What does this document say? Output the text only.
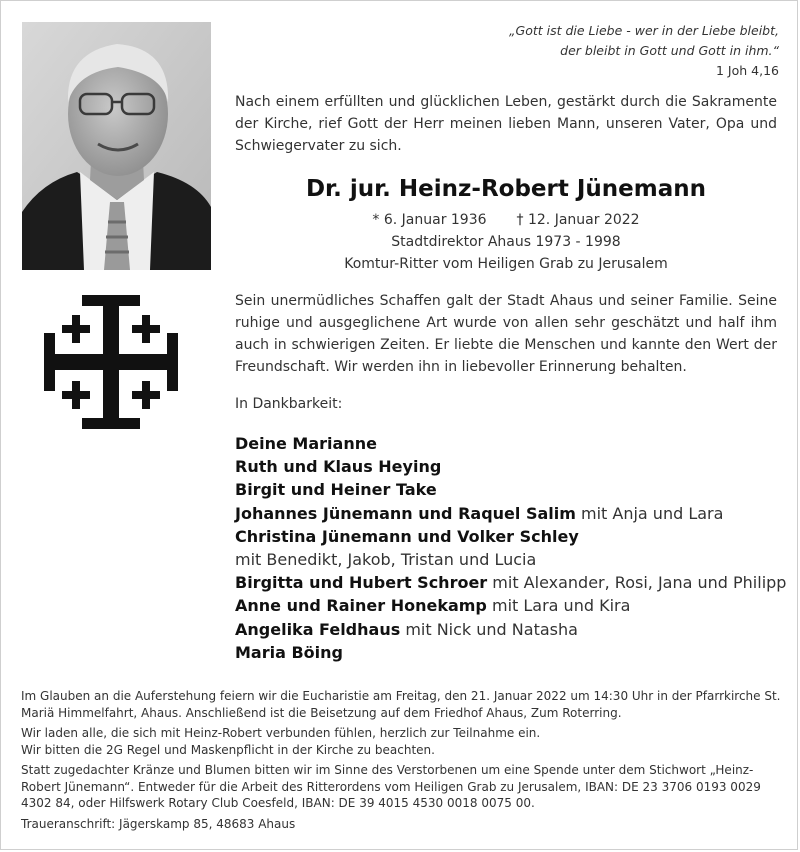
„Gott ist die Liebe - wer in der Liebe bleibt,
der bleibt in Gott und Gott in ihm.“
1 Joh 4,16
Nach einem erfüllten und glücklichen Leben, gestärkt durch die Sakramente der Kirche, rief Gott der Herr meinen lieben Mann, unseren Vater, Opa und Schwiegervater zu sich.
Dr. jur. Heinz-Robert Jünemann
* 6. Januar 1936 † 12. Januar 2022
Stadtdirektor Ahaus 1973 - 1998
Komtur-Ritter vom Heiligen Grab zu Jerusalem
Sein unermüdliches Schaffen galt der Stadt Ahaus und seiner Familie. Seine ruhige und ausgeglichene Art wurde von allen sehr geschätzt und half ihm auch in schwierigen Zeiten. Er liebte die Menschen und kannte den Wert der Freundschaft. Wir werden ihn in liebevoller Erinnerung behalten.
In Dankbarkeit:
Deine Marianne
Ruth und Klaus Heying
Birgit und Heiner Take
Johannes Jünemann und Raquel Salim mit Anja und Lara
Christina Jünemann und Volker Schley
mit Benedikt, Jakob, Tristan und Lucia
Birgitta und Hubert Schroer mit Alexander, Rosi, Jana und Philipp
Anne und Rainer Honekamp mit Lara und Kira
Angelika Feldhaus mit Nick und Natasha
Maria Böing

Im Glauben an die Auferstehung feiern wir die Eucharistie am Freitag, den 21. Januar 2022 um 14:30 Uhr in der Pfarrkirche St. Mariä Himmelfahrt, Ahaus. Anschließend ist die Beisetzung auf dem Friedhof Ahaus, Zum Roterring.

Wir laden alle, die sich mit Heinz-Robert verbunden fühlen, herzlich zur Teilnahme ein.

Wir bitten die 2G Regel und Maskenpflicht in der Kirche zu beachten.

Statt zugedachter Kränze und Blumen bitten wir im Sinne des Verstorbenen um eine Spende unter dem Stichwort „Heinz-Robert Jünemann“. Entweder für die Arbeit des Ritterordens vom Heiligen Grab zu Jerusalem, IBAN: DE 23 3706 0193 0029 4302 84, oder Hilfswerk Rotary Club Coesfeld, IBAN: DE 39 4015 4530 0018 0075 00.

Traueranschrift: Jägerskamp 85, 48683 Ahaus
